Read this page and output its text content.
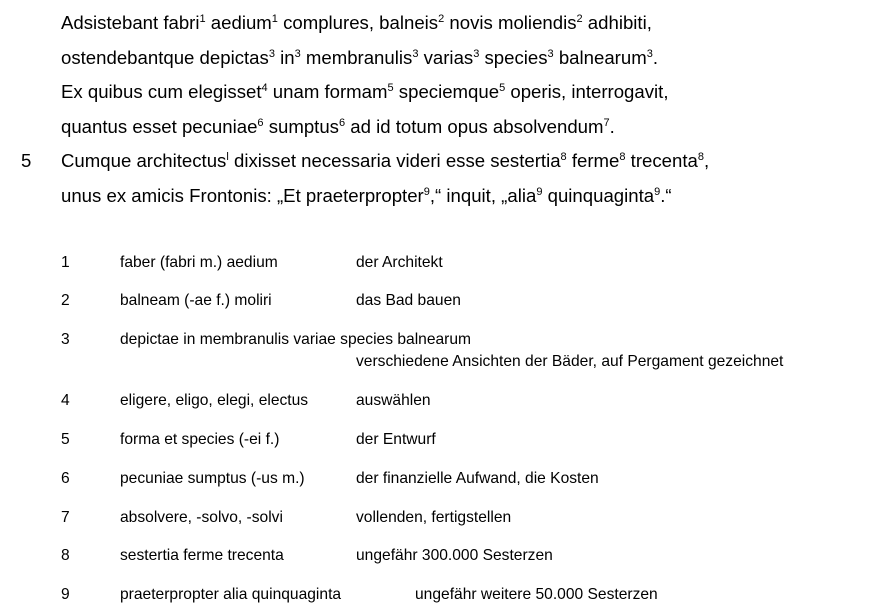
Adsistebant fabri$^1$ aedium$^1$ complures, balneis$^2$ novis moliendis$^2$ adhibiti,
ostendebantque depictas$^3$ $in^3$ membranulis$^3$ varias$^3$ species$^3$ balnearum$^3$.
Ex quibus cum elegisset$^4$ unam formam$^5$ speciemque$^5$ operis, interrogavit,
quantus esset pecuniae$^6$ sumptus$^6$ ad id totum opus absolvendum$^7$.
5 Cumque architectus$^l$ dixisset necessaria videri esse sestertia$^8$ ferme$^8$ trecenta$^8$,
unus ex amicis Frontonis: „Et praeterpropter$^9$,“ inquit, „alia$^9$ quinquaginta$^9$.“
1	faber (fabri m.) aedium	der Architekt
2	balneam (-ae f.) moliri	das Bad bauen
3	depictae in membranulis variae species balnearum
verschiedene Ansichten der Bäder, auf Pergament gezeichnet
4	eligere, eligo, elegi, electus	auswählen
5	forma et species (-ei f.)	der Entwurf
6	pecuniae sumptus (-us m.)	der finanzielle Aufwand, die Kosten
7	absolvere, -solvo, -solvi	vollenden, fertigstellen
8	sestertia ferme trecenta	ungefähr 300.000 Sesterzen
9	praeterpropter alia quinquaginta	ungefähr weitere 50.000 Sesterzen
